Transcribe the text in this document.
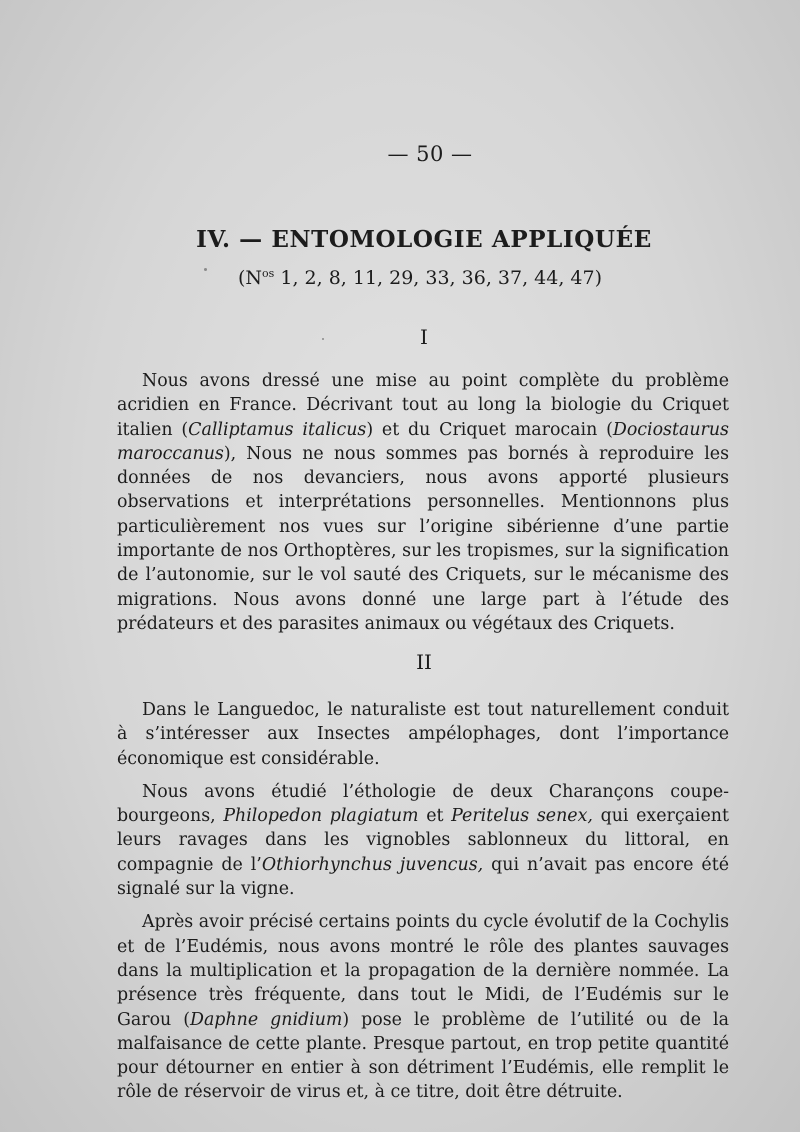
— 50 —
IV. — ENTOMOLOGIE APPLIQUÉE
($N^{os}$ 1, 2, 8, 11, 29, 33, 36, 37, 44, 47)
I

Nous avons dressé une mise au point complète du problème acridien en France. Décrivant tout au long la biologie du Criquet italien (Calliptamus italicus) et du Criquet marocain (Dociostaurus maroccanus), Nous ne nous sommes pas bornés à reproduire les données de nos devanciers, nous avons apporté plusieurs observations et interprétations personnelles. Mentionnons plus particulièrement nos vues sur l’origine sibérienne d’une partie importante de nos Orthoptères, sur les tropismes, sur la signification de l’autonomie, sur le vol sauté des Criquets, sur le mécanisme des migrations. Nous avons donné une large part à l’étude des prédateurs et des parasites animaux ou végétaux des Criquets.

II

Dans le Languedoc, le naturaliste est tout naturellement conduit à s’intéresser aux Insectes ampélophages, dont l’importance économique est considérable.

Nous avons étudié l’éthologie de deux Charançons coupe-bourgeons, Philopedon plagiatum et Peritelus senex, qui exerçaient leurs ravages dans les vignobles sablonneux du littoral, en compagnie de l’Othiorhynchus juvencus, qui n’avait pas encore été signalé sur la vigne.

Après avoir précisé certains points du cycle évolutif de la Cochylis et de l’Eudémis, nous avons montré le rôle des plantes sauvages dans la multiplication et la propagation de la dernière nommée. La présence très fréquente, dans tout le Midi, de l’Eudémis sur le Garou (Daphne gnidium) pose le problème de l’utilité ou de la malfaisance de cette plante. Presque partout, en trop petite quantité pour détourner en entier à son détriment l’Eudémis, elle remplit le rôle de réservoir de virus et, à ce titre, doit être détruite.
